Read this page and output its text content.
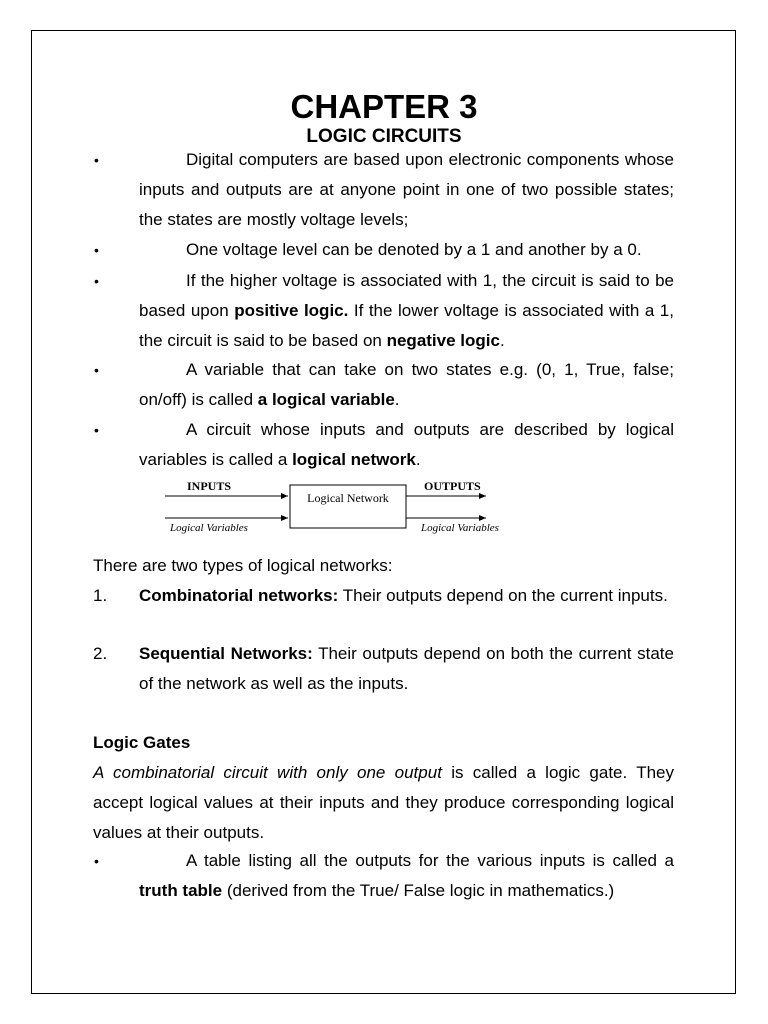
CHAPTER 3
LOGIC CIRCUITS
•	Digital computers are based upon electronic components whose inputs and outputs are at anyone point in one of two possible states; the states are mostly voltage levels;
•	One voltage level can be denoted by a 1 and another by a 0.
•	If the higher voltage is associated with 1, the circuit is said to be based upon positive logic. If the lower voltage is associated with a 1, the circuit is said to be based on negative logic.
•	A variable that can take on two states e.g. (0, 1, True, false; on/off) is called a logical variable.
•	A circuit whose inputs and outputs are described by logical variables is called a logical network.
INPUTS
Logical Network
OUTPUTS
Logical Variables	Logical Variables
There are two types of logical networks:
1. Combinatorial networks: Their outputs depend on the current inputs.
2. Sequential Networks: Their outputs depend on both the current state of the network as well as the inputs.
Logic Gates
A combinatorial circuit with only one output is called a logic gate. They accept logical values at their inputs and they produce corresponding logical values at their outputs.
•	A table listing all the outputs for the various inputs is called a truth table (derived from the True/ False logic in mathematics.)
